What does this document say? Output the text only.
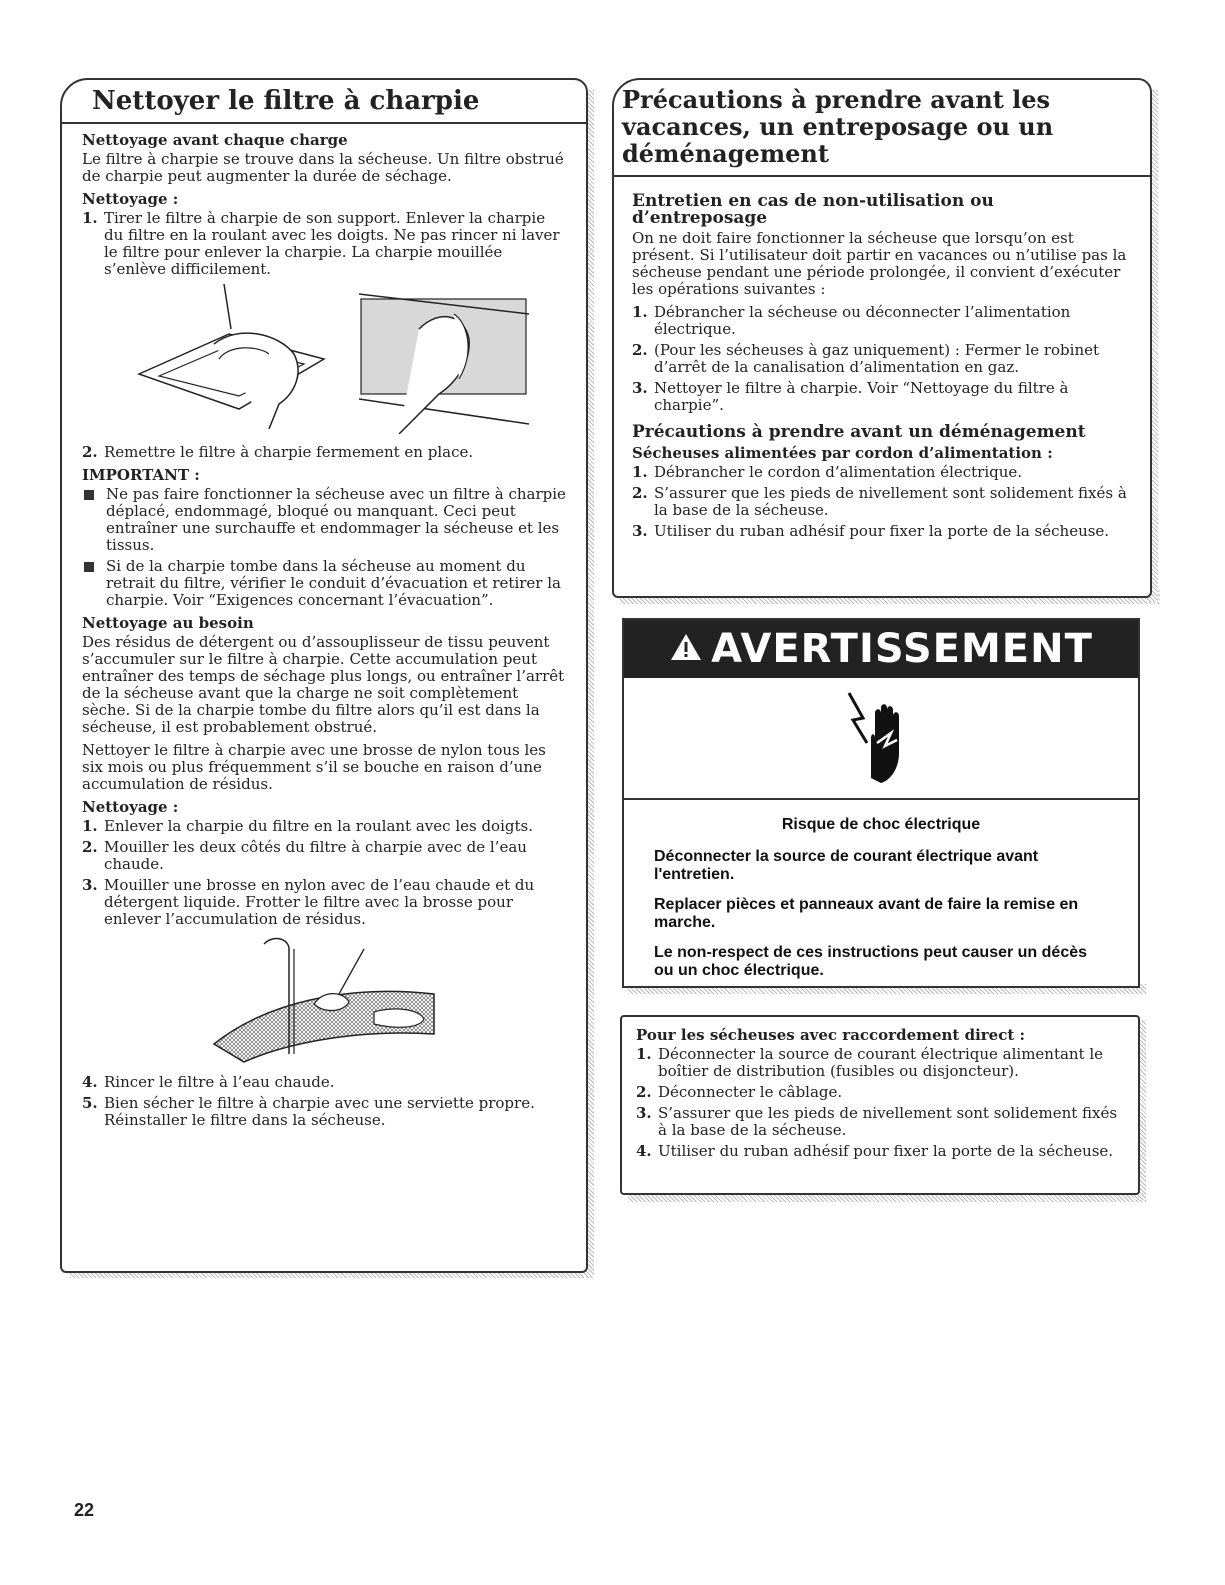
Nettoyer le filtre à charpie
Nettoyage avant chaque charge

Le filtre à charpie se trouve dans la sécheuse. Un filtre obstrué de charpie peut augmenter la durée de séchage.

Nettoyage :
1. Tirer le filtre à charpie de son support. Enlever la charpie du filtre en la roulant avec les doigts. Ne pas rincer ni laver le filtre pour enlever la charpie. La charpie mouillée s’enlève difficilement.
2. Remettre le filtre à charpie fermement en place.
IMPORTANT :
Ne pas faire fonctionner la sécheuse avec un filtre à charpie déplacé, endommagé, bloqué ou manquant. Ceci peut entraîner une surchauffe et endommager la sécheuse et les tissus.
Si de la charpie tombe dans la sécheuse au moment du retrait du filtre, vérifier le conduit d’évacuation et retirer la charpie. Voir “Exigences concernant l’évacuation”.
Nettoyage au besoin

Des résidus de détergent ou d’assouplisseur de tissu peuvent s’accumuler sur le filtre à charpie. Cette accumulation peut entraîner des temps de séchage plus longs, ou entraîner l’arrêt de la sécheuse avant que la charge ne soit complètement sèche. Si de la charpie tombe du filtre alors qu’il est dans la sécheuse, il est probablement obstrué.

Nettoyer le filtre à charpie avec une brosse de nylon tous les six mois ou plus fréquemment s’il se bouche en raison d’une accumulation de résidus.

Nettoyage :
1. Enlever la charpie du filtre en la roulant avec les doigts.
2. Mouiller les deux côtés du filtre à charpie avec de l’eau chaude.
3. Mouiller une brosse en nylon avec de l’eau chaude et du détergent liquide. Frotter le filtre avec la brosse pour enlever l’accumulation de résidus.
4. Rincer le filtre à l’eau chaude.
5. Bien sécher le filtre à charpie avec une serviette propre. Réinstaller le filtre dans la sécheuse.
Précautions à prendre avant les vacances, un entreposage ou un déménagement
Entretien en cas de non-utilisation ou d’entreposage

On ne doit faire fonctionner la sécheuse que lorsqu’on est présent. Si l’utilisateur doit partir en vacances ou n’utilise pas la sécheuse pendant une période prolongée, il convient d’exécuter les opérations suivantes :

1. Débrancher la sécheuse ou déconnecter l’alimentation électrique.
2. (Pour les sécheuses à gaz uniquement) : Fermer le robinet d’arrêt de la canalisation d’alimentation en gaz.
3. Nettoyer le filtre à charpie. Voir “Nettoyage du filtre à charpie”.
Précautions à prendre avant un déménagement
Sécheuses alimentées par cordon d’alimentation :
1. Débrancher le cordon d’alimentation électrique.
2. S’assurer que les pieds de nivellement sont solidement fixés à la base de la sécheuse.
3. Utiliser du ruban adhésif pour fixer la porte de la sécheuse.
AVERTISSEMENT
Risque de choc électrique

Déconnecter la source de courant électrique avant l'entretien.

Replacer pièces et panneaux avant de faire la remise en marche.

Le non-respect de ces instructions peut causer un décès ou un choc électrique.

Pour les sécheuses avec raccordement direct :
1. Déconnecter la source de courant électrique alimentant le boîtier de distribution (fusibles ou disjoncteur).
2. Déconnecter le câblage.
3. S’assurer que les pieds de nivellement sont solidement fixés à la base de la sécheuse.
4. Utiliser du ruban adhésif pour fixer la porte de la sécheuse.
22
